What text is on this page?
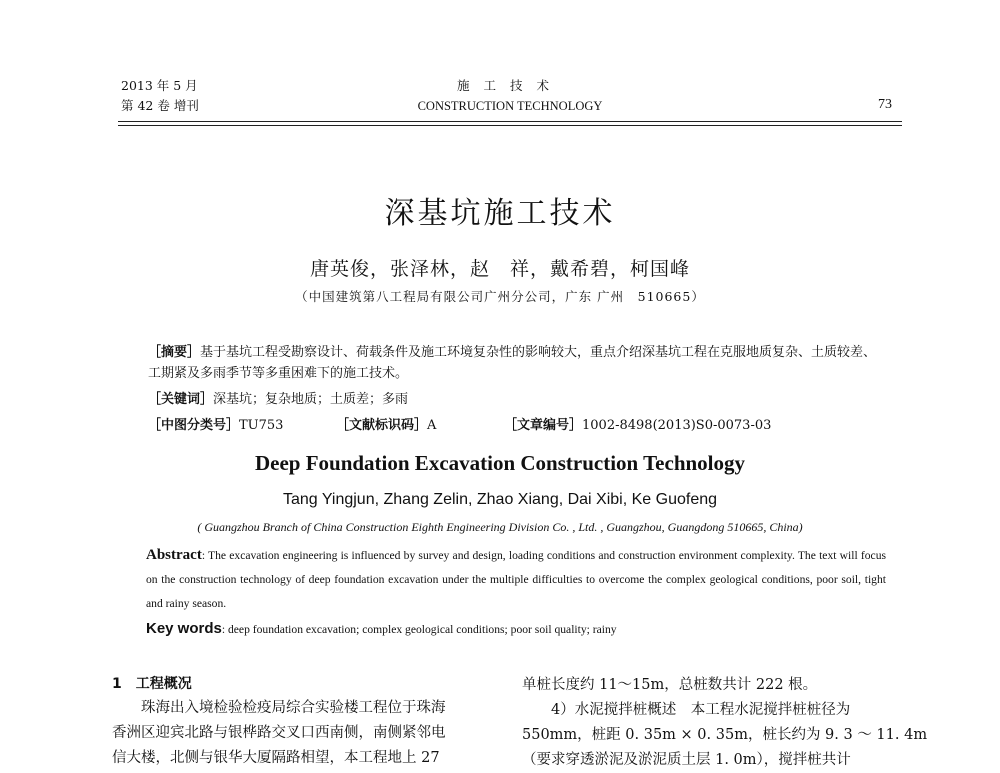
2013 年 5 月
第 42 卷 增刊
施工技术
CONSTRUCTION TECHNOLOGY	73
深基坑施工技术
唐英俊，张泽林，赵　祥，戴希碧，柯国峰
（中国建筑第八工程局有限公司广州分公司，广东 广州　510665）
［摘要］基于基坑工程受勘察设计、荷载条件及施工环境复杂性的影响较大，重点介绍深基坑工程在克服地质复杂、土质较差、工期紧及多雨季节等多重困难下的施工技术。
［关键词］深基坑；复杂地质；土质差；多雨
［中图分类号］TU753	［文献标识码］A	［文章编号］1002-8498(2013)S0-0073-03
Deep Foundation Excavation Construction Technology
Tang Yingjun, Zhang Zelin, Zhao Xiang, Dai Xibi, Ke Guofeng
( Guangzhou Branch of China Construction Eighth Engineering Division Co. , Ltd. , Guangzhou, Guangdong 510665, China)
Abstract: The excavation engineering is influenced by survey and design, loading conditions and construction environment complexity. The text will focus on the construction technology of deep foundation excavation under the multiple difficulties to overcome the complex geological conditions, poor soil, tight and rainy season.
Key words: deep foundation excavation; complex geological conditions; poor soil quality; rainy
1　工程概况
　　珠海出入境检验检疫局综合实验楼工程位于珠海
香洲区迎宾北路与银桦路交叉口西南侧，南侧紧邻电
信大楼，北侧与银华大厦隔路相望，本工程地上 27
单桩长度约 11～15m，总桩数共计 222 根。
　　4）水泥搅拌桩概述　本工程水泥搅拌桩桩径为
550mm，桩距 0. 35m × 0. 35m，桩长约为 9. 3 ～ 11. 4m
（要求穿透淤泥及淤泥质土层 1. 0m），搅拌桩共计
